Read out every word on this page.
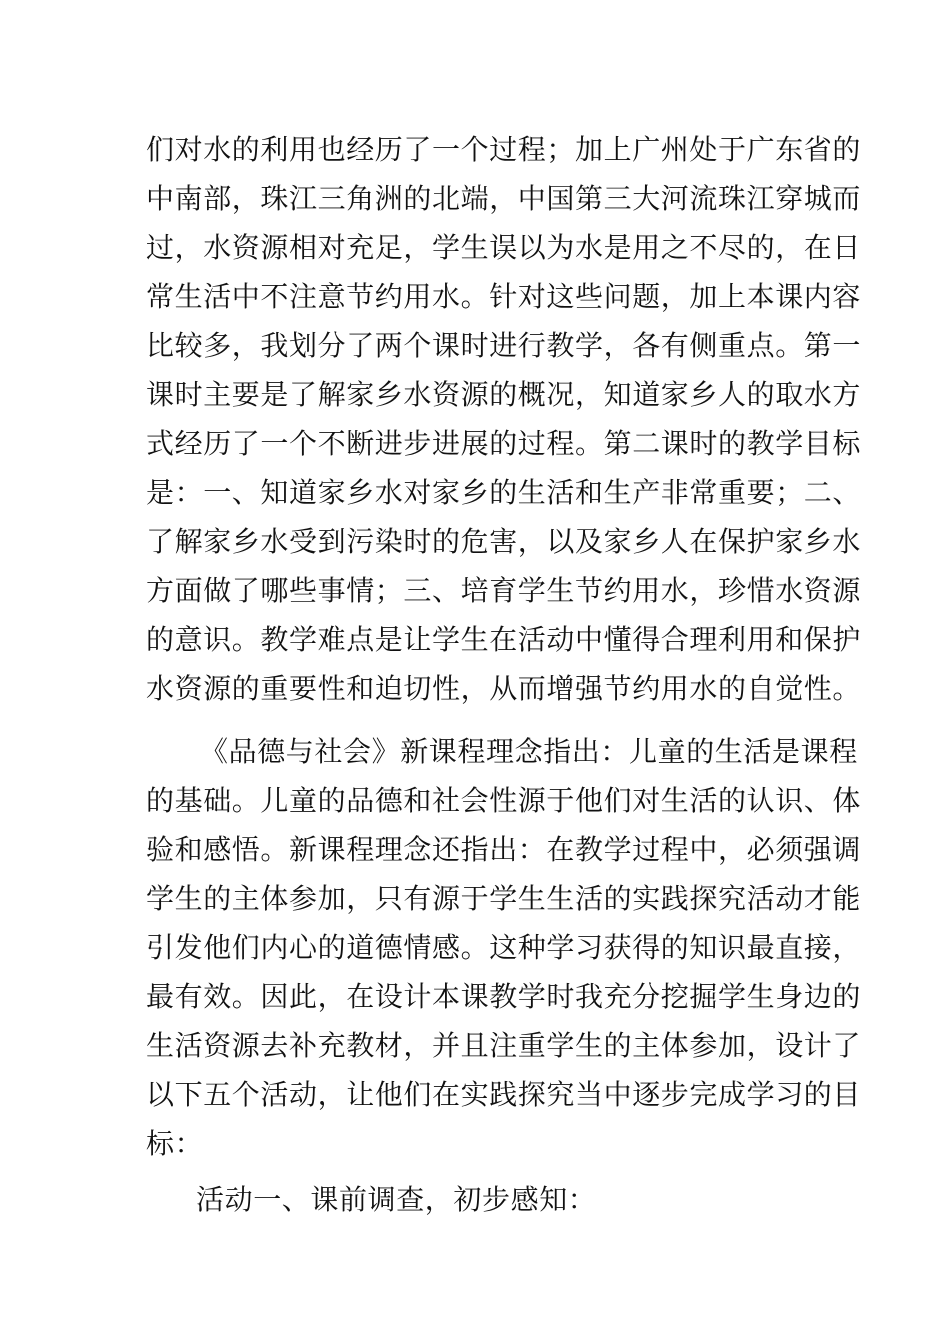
们对水的利用也经历了一个过程；加上广州处于广东省的

中南部，珠江三角洲的北端，中国第三大河流珠江穿城而

过，水资源相对充足，学生误以为水是用之不尽的，在日

常生活中不注意节约用水。针对这些问题，加上本课内容

比较多，我划分了两个课时进行教学，各有侧重点。第一

课时主要是了解家乡水资源的概况，知道家乡人的取水方

式经历了一个不断进步进展的过程。第二课时的教学目标

是：一、知道家乡水对家乡的生活和生产非常重要；二、

了解家乡水受到污染时的危害，以及家乡人在保护家乡水

方面做了哪些事情；三、培育学生节约用水，珍惜水资源

的意识。教学难点是让学生在活动中懂得合理利用和保护

水资源的重要性和迫切性，从而增强节约用水的自觉性。

《品德与社会》新课程理念指出：儿童的生活是课程

的基础。儿童的品德和社会性源于他们对生活的认识、体

验和感悟。新课程理念还指出：在教学过程中，必须强调

学生的主体参加，只有源于学生生活的实践探究活动才能

引发他们内心的道德情感。这种学习获得的知识最直接，

最有效。因此，在设计本课教学时我充分挖掘学生身边的

生活资源去补充教材，并且注重学生的主体参加，设计了

以下五个活动，让他们在实践探究当中逐步完成学习的目

标：

活动一、课前调查，初步感知：
